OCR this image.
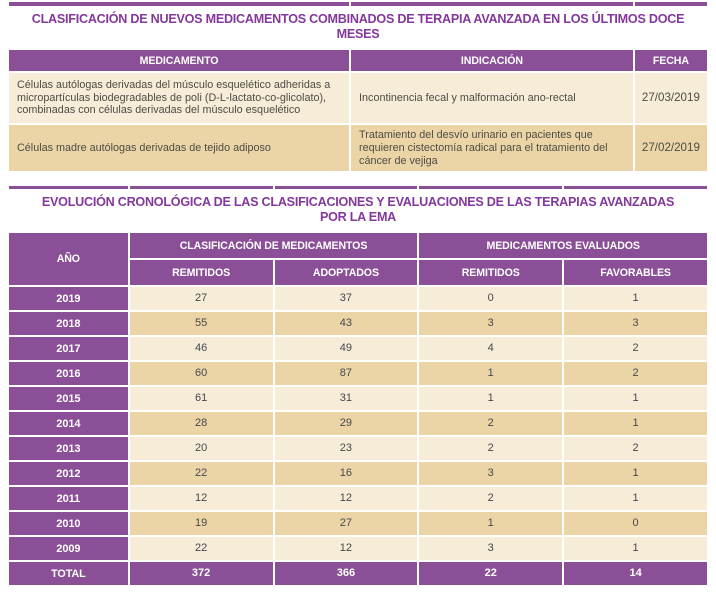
CLASIFICACIÓN DE NUEVOS MEDICAMENTOS COMBINADOS DE TERAPIA AVANZADA EN LOS ÚLTIMOS DOCE MESES		

MEDICAMENTO	INDICACIÓN	FECHA
Células autólogas derivadas del músculo esquelético adheridas a micropartículas biodegradables de poli (D-L-lactato-co-glicolato), combinadas con células derivadas del músculo esquelético	Incontinencia fecal y malformación ano-rectal	27/03/2019
Células madre autólogas derivadas de tejido adiposo	Tratamiento del desvío urinario en pacientes que requieren cistectomía radical para el tratamiento del cáncer de vejiga	27/02/2019

EVOLUCIÓN CRONOLÓGICA DE LAS CLASIFICACIONES Y EVALUACIONES DE LAS TERAPIAS AVANZADAS
POR LA EMA				

AÑO	CLASIFICACIÓN DE MEDICAMENTOS		MEDICAMENTOS EVALUADOS	
	REMITIDOS	ADOPTADOS	REMITIDOS	FAVORABLES
2019	27	37	0	1
2018	55	43	3	3
2017	46	49	4	2
2016	60	87	1	2
2015	61	31	1	1
2014	28	29	2	1
2013	20	23	2	2
2012	22	16	3	1
2011	12	12	2	1
2010	19	27	1	0
2009	22	12	3	1
TOTAL	372	366	22	14
